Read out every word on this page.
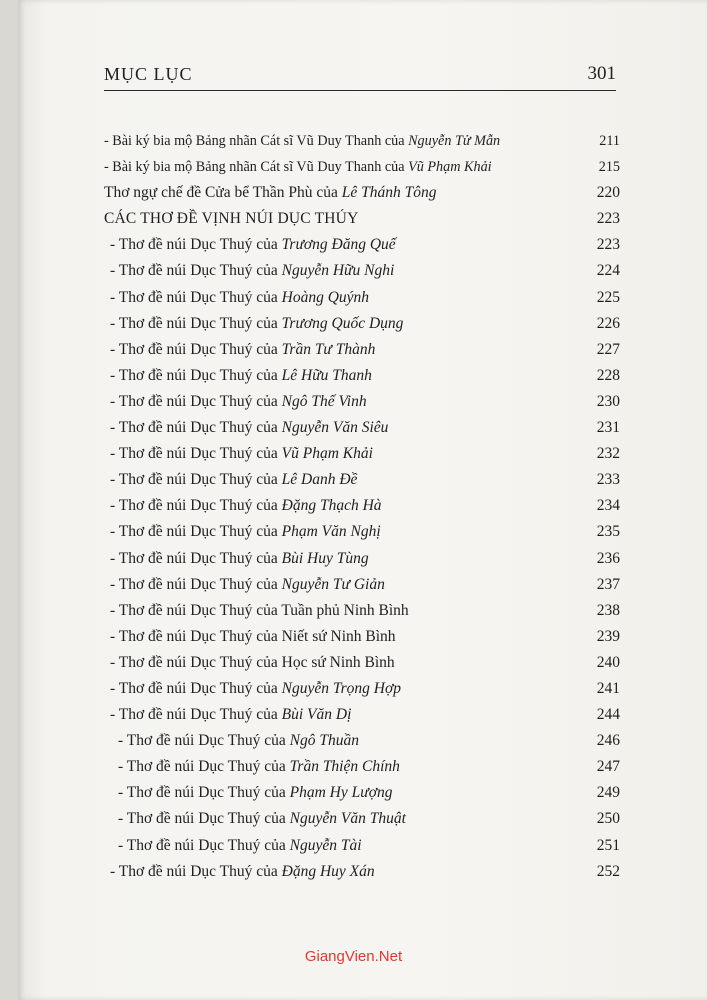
MỤC LỤC	301
- Bài ký bia mộ Bảng nhãn Cát sĩ Vũ Duy Thanh của Nguyễn Tử Mẫn	211
- Bài ký bia mộ Bảng nhãn Cát sĩ Vũ Duy Thanh của Vũ Phạm Khải	215
Thơ ngự chế đề Cửa bể Thần Phù của Lê Thánh Tông	220
CÁC THƠ ĐỀ VỊNH NÚI DỤC THÚY	223
- Thơ đề núi Dục Thuý của Trương Đăng Quế	223
- Thơ đề núi Dục Thuý của Nguyễn Hữu Nghi	224
- Thơ đề núi Dục Thuý của Hoàng Quýnh	225
- Thơ đề núi Dục Thuý của Trương Quốc Dụng	226
- Thơ đề núi Dục Thuý của Trần Tư Thành	227
- Thơ đề núi Dục Thuý của Lê Hữu Thanh	228
- Thơ đề núi Dục Thuý của Ngô Thế Vinh	230
- Thơ đề núi Dục Thuý của Nguyễn Văn Siêu	231
- Thơ đề núi Dục Thuý của Vũ Phạm Khải	232
- Thơ đề núi Dục Thuý của Lê Danh Đề	233
- Thơ đề núi Dục Thuý của Đặng Thạch Hà	234
- Thơ đề núi Dục Thuý của Phạm Văn Nghị	235
- Thơ đề núi Dục Thuý của Bùi Huy Tùng	236
- Thơ đề núi Dục Thuý của Nguyễn Tư Giản	237
- Thơ đề núi Dục Thuý của Tuần phủ Ninh Bình	238
- Thơ đề núi Dục Thuý của Niết sứ Ninh Bình	239
- Thơ đề núi Dục Thuý của Học sứ Ninh Bình	240
- Thơ đề núi Dục Thuý của Nguyễn Trọng Hợp	241
- Thơ đề núi Dục Thuý của Bùi Văn Dị	244
- Thơ đề núi Dục Thuý của Ngô Thuần	246
- Thơ đề núi Dục Thuý của Trần Thiện Chính	247
- Thơ đề núi Dục Thuý của Phạm Hy Lượng	249
- Thơ đề núi Dục Thuý của Nguyễn Văn Thuật	250
- Thơ đề núi Dục Thuý của Nguyễn Tài	251
- Thơ đề núi Dục Thuý của Đặng Huy Xán	252
GiangVien.Net
